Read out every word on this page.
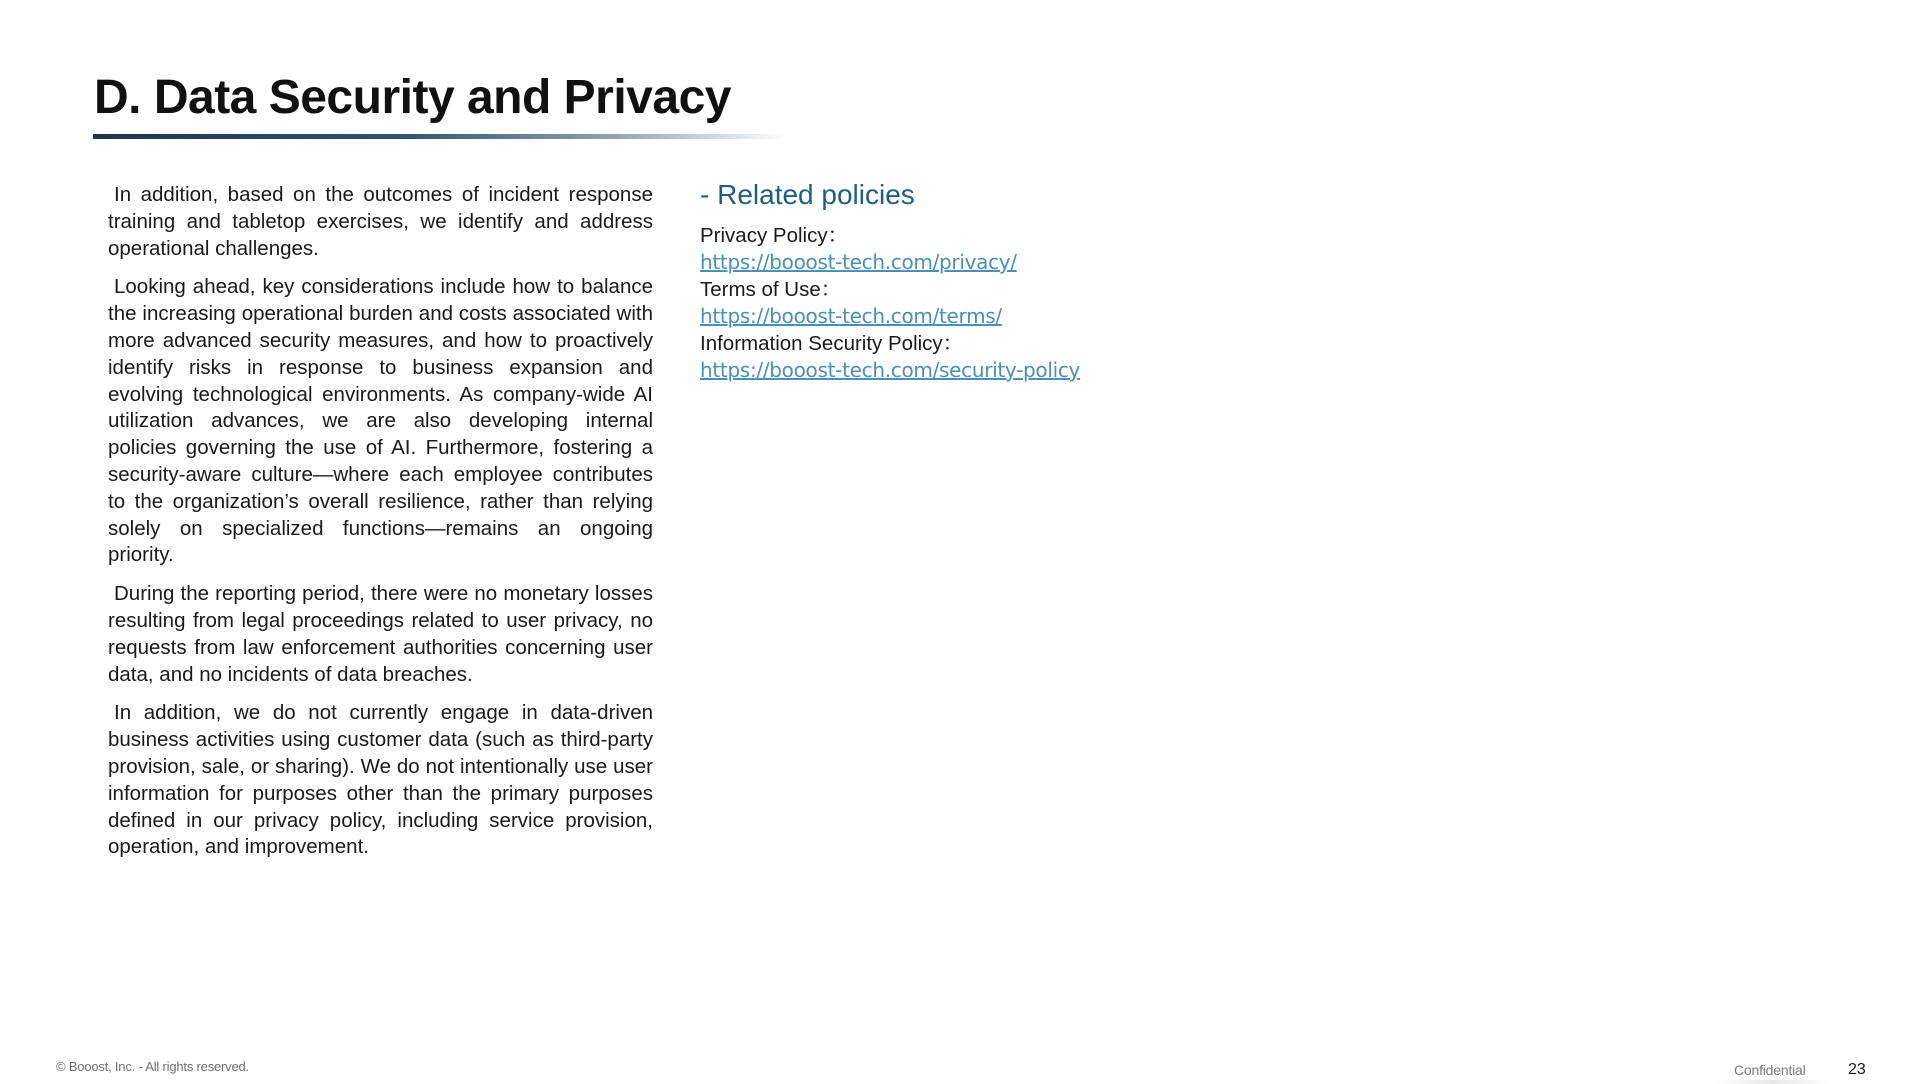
D. Data Security and Privacy

In addition, based on the outcomes of incident response training and tabletop exercises, we identify and address operational challenges.

Looking ahead, key considerations include how to balance the increasing operational burden and costs associated with more advanced security measures, and how to proactively identify risks in response to business expansion and evolving technological environments. As company-wide AI utilization advances, we are also developing internal policies governing the use of AI. Furthermore, fostering a security-aware culture—where each employee contributes to the organization’s overall resilience, rather than relying solely on specialized functions—remains an ongoing priority.

During the reporting period, there were no monetary losses resulting from legal proceedings related to user privacy, no requests from law enforcement authorities concerning user data, and no incidents of data breaches.

In addition, we do not currently engage in data-driven business activities using customer data (such as third-party provision, sale, or sharing). We do not intentionally use user information for purposes other than the primary purposes defined in our privacy policy, including service provision, operation, and improvement.

- Related policies
Privacy Policy：
https://booost-tech.com/privacy/
Terms of Use：
https://booost-tech.com/terms/
Information Security Policy：
https://booost-tech.com/security-policy
© Booost, Inc. - All rights reserved.	Confidential	23
